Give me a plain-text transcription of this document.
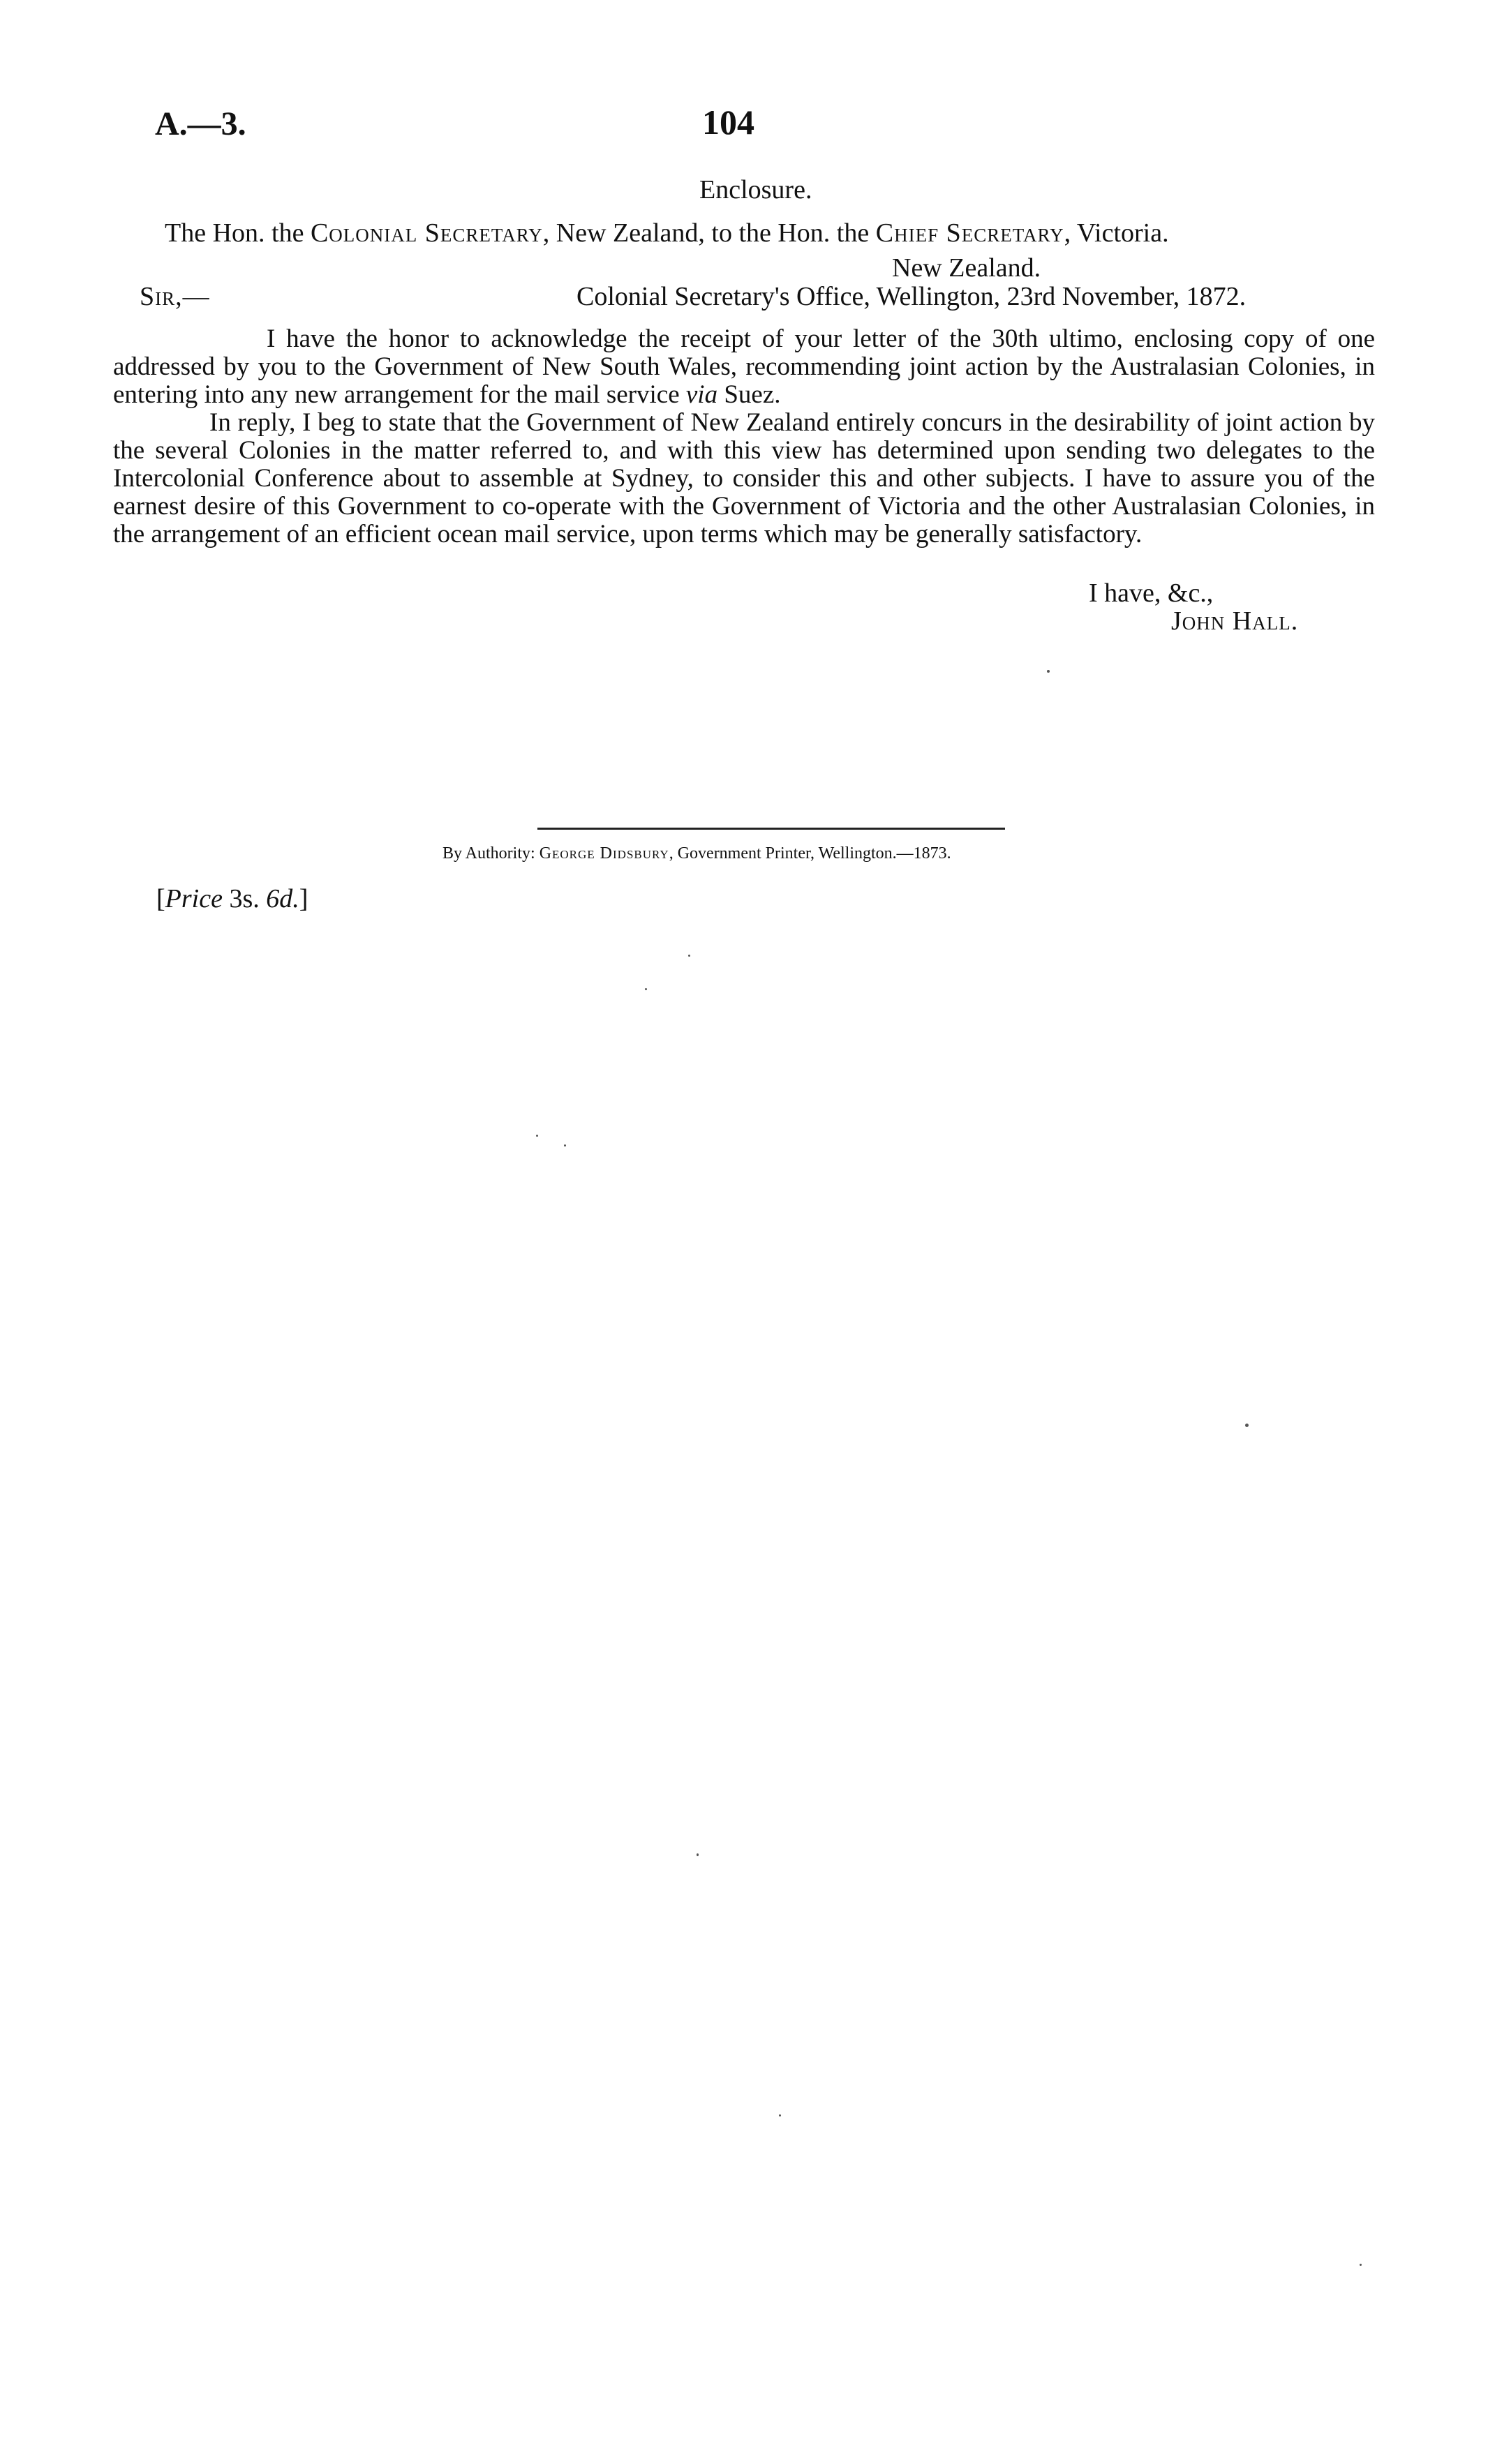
A.—3.	104
Enclosure.
The Hon. the Colonial Secretary, New Zealand, to the Hon. the Chief Secretary, Victoria.
New Zealand.
Sir,—	Colonial Secretary's Office, Wellington, 23rd November, 1872.
I have the honor to acknowledge the receipt of your letter of the 30th ultimo, enclosing copy of one addressed by you to the Government of New South Wales, recommending joint action by the Australasian Colonies, in entering into any new arrangement for the mail service via Suez.
In reply, I beg to state that the Government of New Zealand entirely concurs in the desirability of joint action by the several Colonies in the matter referred to, and with this view has determined upon sending two delegates to the Intercolonial Conference about to assemble at Sydney, to consider this and other subjects. I have to assure you of the earnest desire of this Government to co-operate with the Government of Victoria and the other Australasian Colonies, in the arrangement of an efficient ocean mail service, upon terms which may be generally satisfactory.
I have, &c.,
John Hall.
By Authority: George Didsbury, Government Printer, Wellington.—1873.
[Price 3s. 6d.]
